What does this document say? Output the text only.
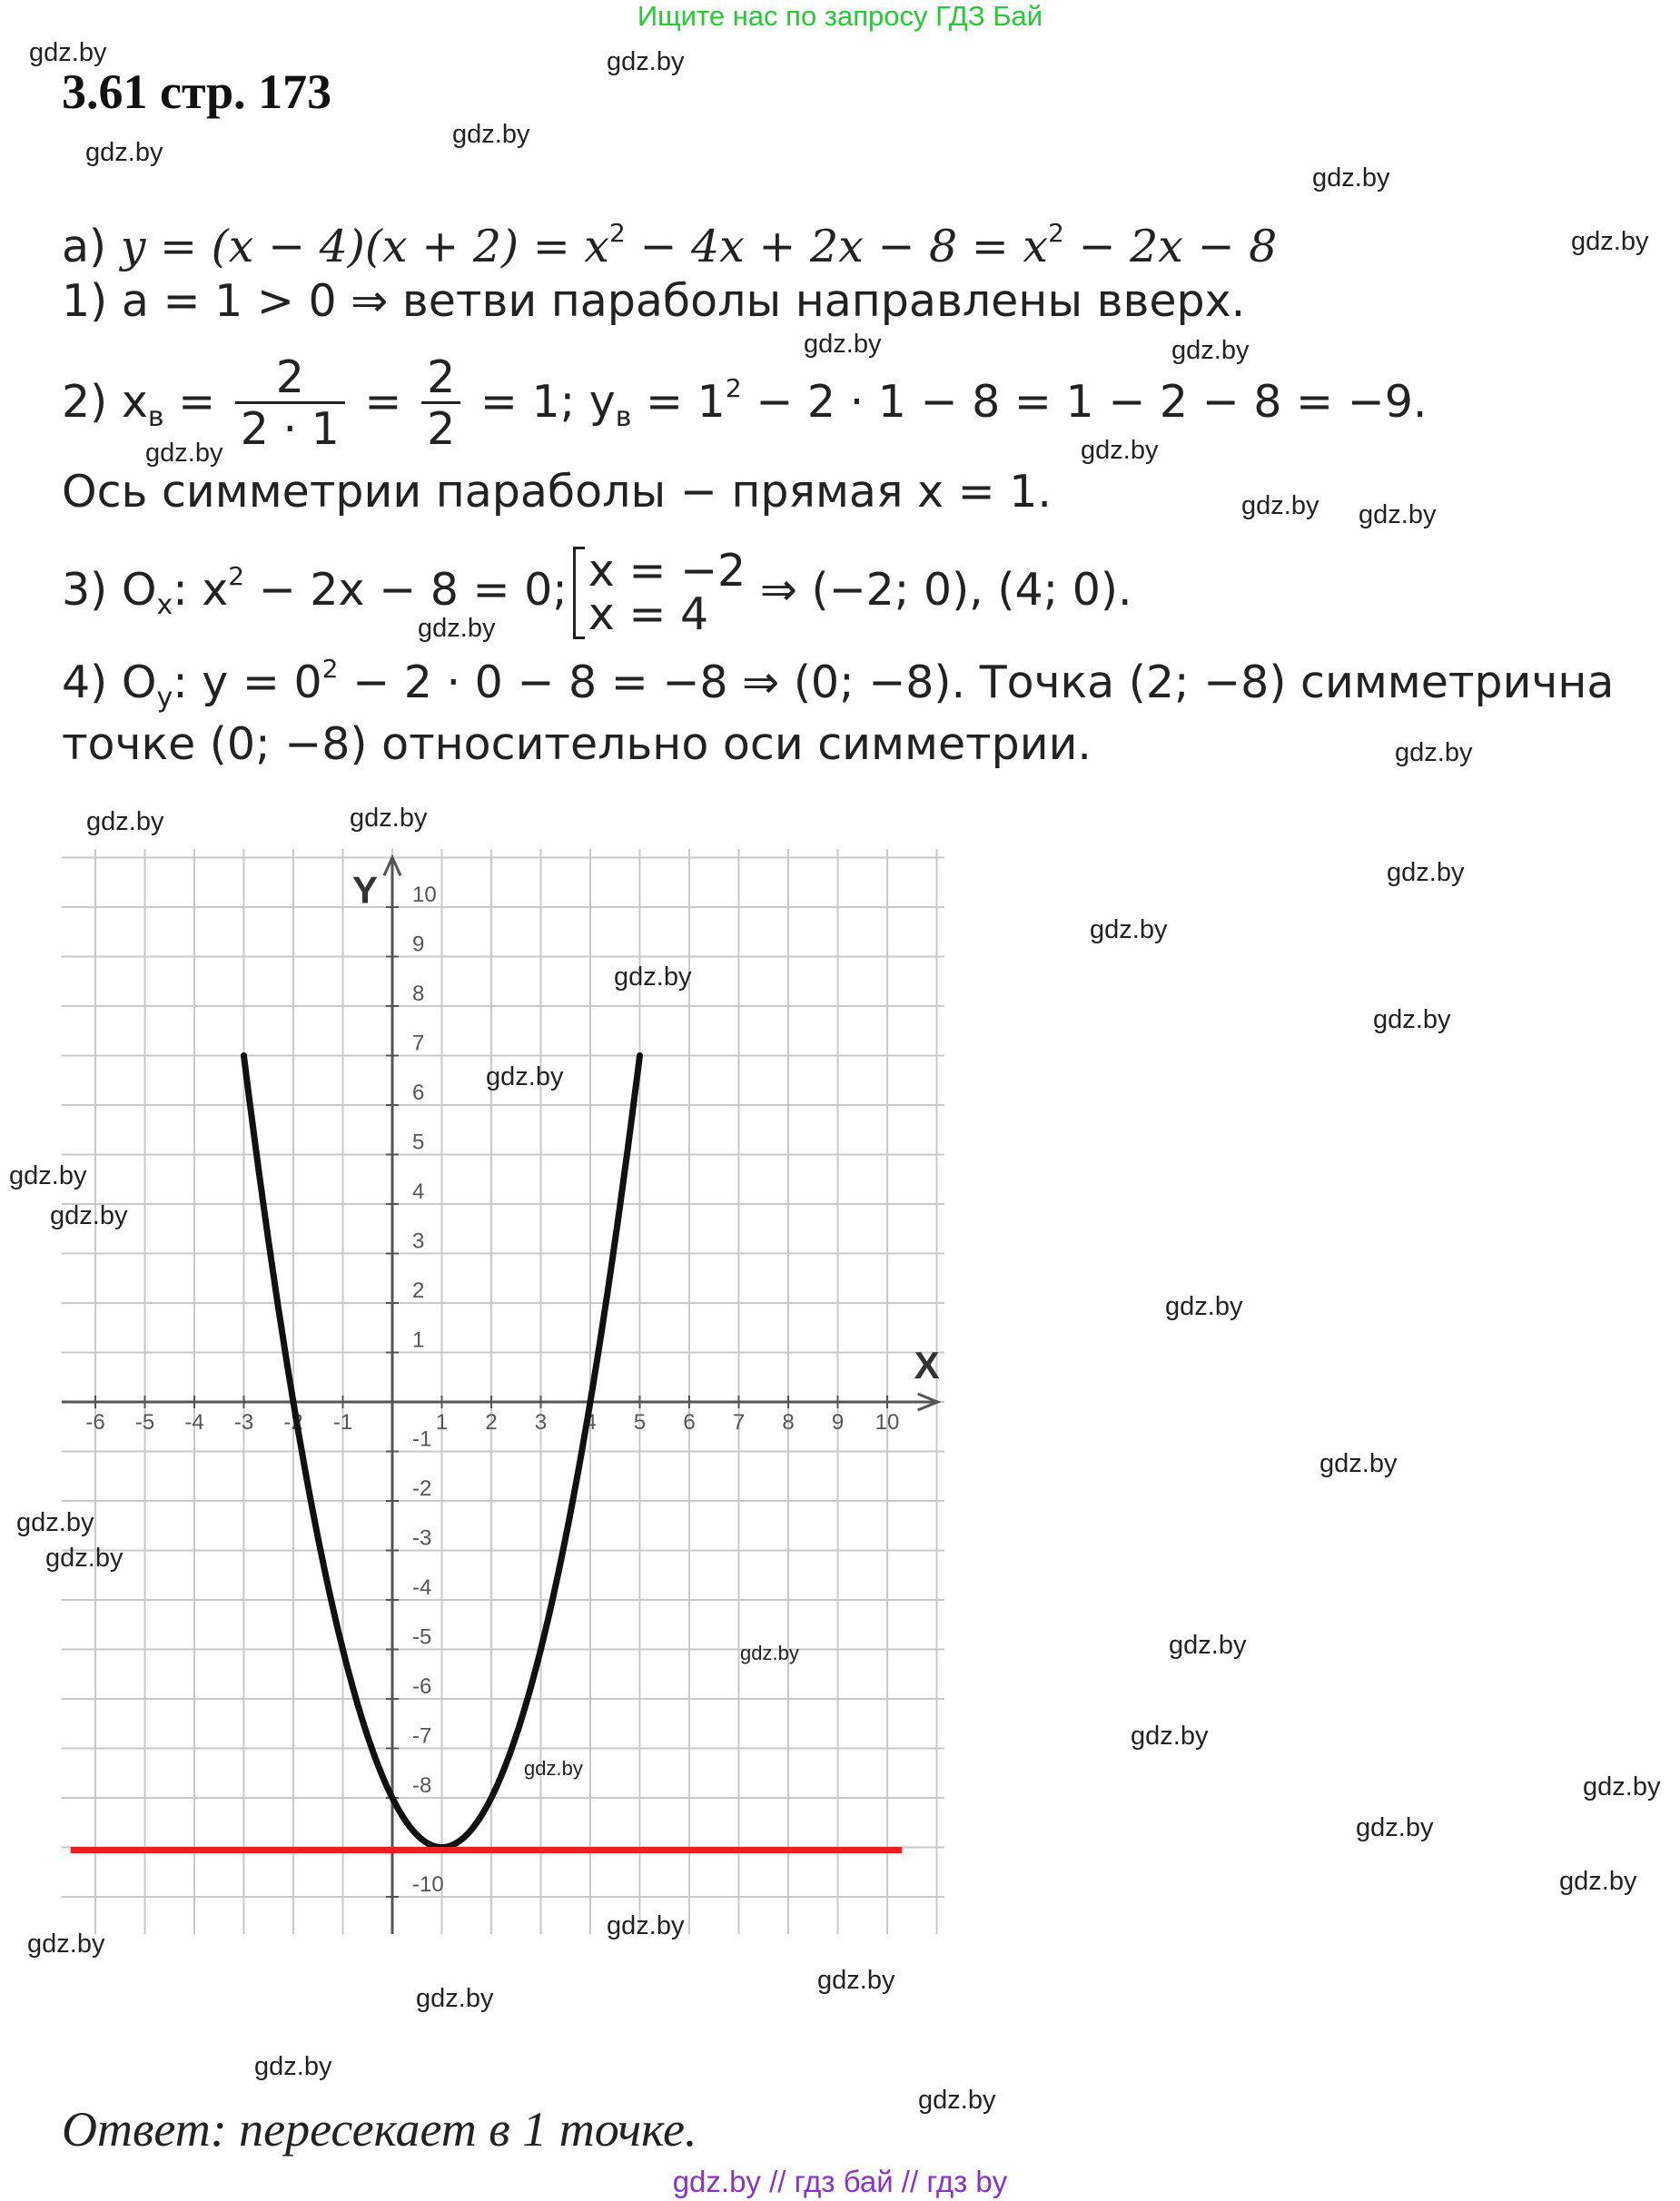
Ищите нас по запросу ГДЗ Бай
3.61 стр. 173
а) $y = (x - 4)(x + 2) = x^2 - 4x + 2x - 8 = x^2 - 2x - 8$
1) a = 1 > 0 ⇒ ветви параболы направлены вверх.
2) $x_в = \frac{2}{2 \cdot 1} = \frac{2}{2} = 1$; $y_в = 1^2 - 2 \cdot 1 - 8 = 1 - 2 - 8 = -9$.
Ось симметрии параболы − прямая x = 1.
3) $O_x$: $x^2 - 2x - 8 = 0$; x = −2
x = 4	⇒ (−2; 0), (4; 0).
4) $O_y$: $y = 0^2 - 2 \cdot 0 - 8 = -8$ ⇒ (0; −8). Точка (2; −8) симметрична
точке (0; −8) относительно оси симметрии.
X
Y
-6 -5 -4 -3 -2 -1	1 2 3 4 5 6 7 8 9 10
10
9
8
7
6
5
4
3
2
1
-1
-2
-3
-4
-5
-6
-7
-8
-10
gdz.by	gdz.by
gdz.by
gdz.by
gdz.by
gdz.by
gdz.by	gdz.by
gdz.by	gdz.by
gdz.by gdz.by
gdz.by
gdz.by
gdz.by	gdz.by
gdz.by
gdz.by
gdz.by
gdz.by
gdz.by
gdz.by
gdz.by
gdz.by
gdz.by
gdz.by
gdz.by
gdz.by
gdz.by
gdz.by
gdz.by
gdz.by
gdz.by
gdz.by
gdz.by
gdz.by
gdz.by
gdz.by
gdz.by
gdz.by
Ответ: пересекает в 1 точке.
gdz.by // гдз бай // гдз by
